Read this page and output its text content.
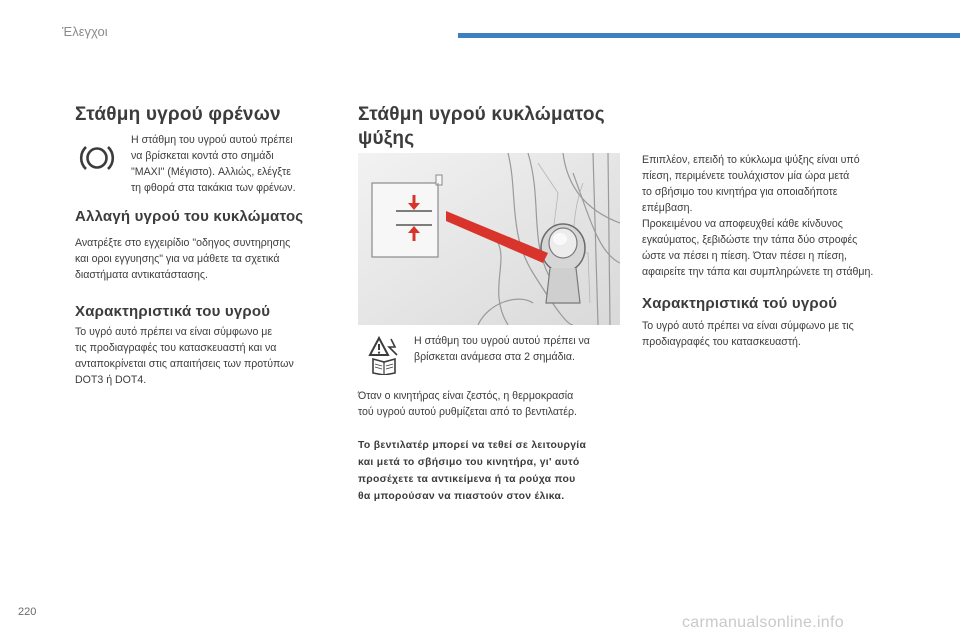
Έλεγχοι
Στάθμη υγρού φρένων

Η στάθμη του υγρού αυτού πρέπει

να βρίσκεται κοντά στο σημάδι

"MAXI" (Μέγιστο). Αλλιώς, ελέγξτε

τη φθορά στα τακάκια των φρένων.

Αλλαγή υγρού του κυκλώματος

Ανατρέξτε στο εγχειρίδιο "οδηγος συντηρησης

και οροι εγγυησης" για να μάθετε τα σχετικά

διαστήματα αντικατάστασης.

Χαρακτηριστικά του υγρού

Το υγρό αυτό πρέπει να είναι σύμφωνο με

τις προδιαγραφές του κατασκευαστή και να

ανταποκρίνεται στις απαιτήσεις των προτύπων

DOT3 ή DOT4.

Στάθμη υγρού κυκλώματος
ψύξης

Η στάθμη του υγρού αυτού πρέπει να

βρίσκεται ανάμεσα στα 2 σημάδια.

Όταν ο κινητήρας είναι ζεστός, η θερμοκρασία

τού υγρού αυτού ρυθμίζεται από το βεντιλατέρ.

Το βεντιλατέρ μπορεί να τεθεί σε λειτουργία

και μετά το σβήσιμο του κινητήρα, γι' αυτό

προσέχετε τα αντικείμενα ή τα ρούχα που

θα μπορούσαν να πιαστούν στον έλικα.

Επιπλέον, επειδή το κύκλωμα ψύξης είναι υπό

πίεση, περιμένετε τουλάχιστον μία ώρα μετά

το σβήσιμο του κινητήρα για οποιαδήποτε

επέμβαση.

Προκειμένου να αποφευχθεί κάθε κίνδυνος

εγκαύματος, ξεβιδώστε την τάπα δύο στροφές

ώστε να πέσει η πίεση. Όταν πέσει η πίεση,

αφαιρείτε την τάπα και συμπληρώνετε τη στάθμη.

Χαρακτηριστικά τού υγρού

Το υγρό αυτό πρέπει να είναι σύμφωνο με τις

προδιαγραφές του κατασκευαστή.

220
carmanualsonline.info
